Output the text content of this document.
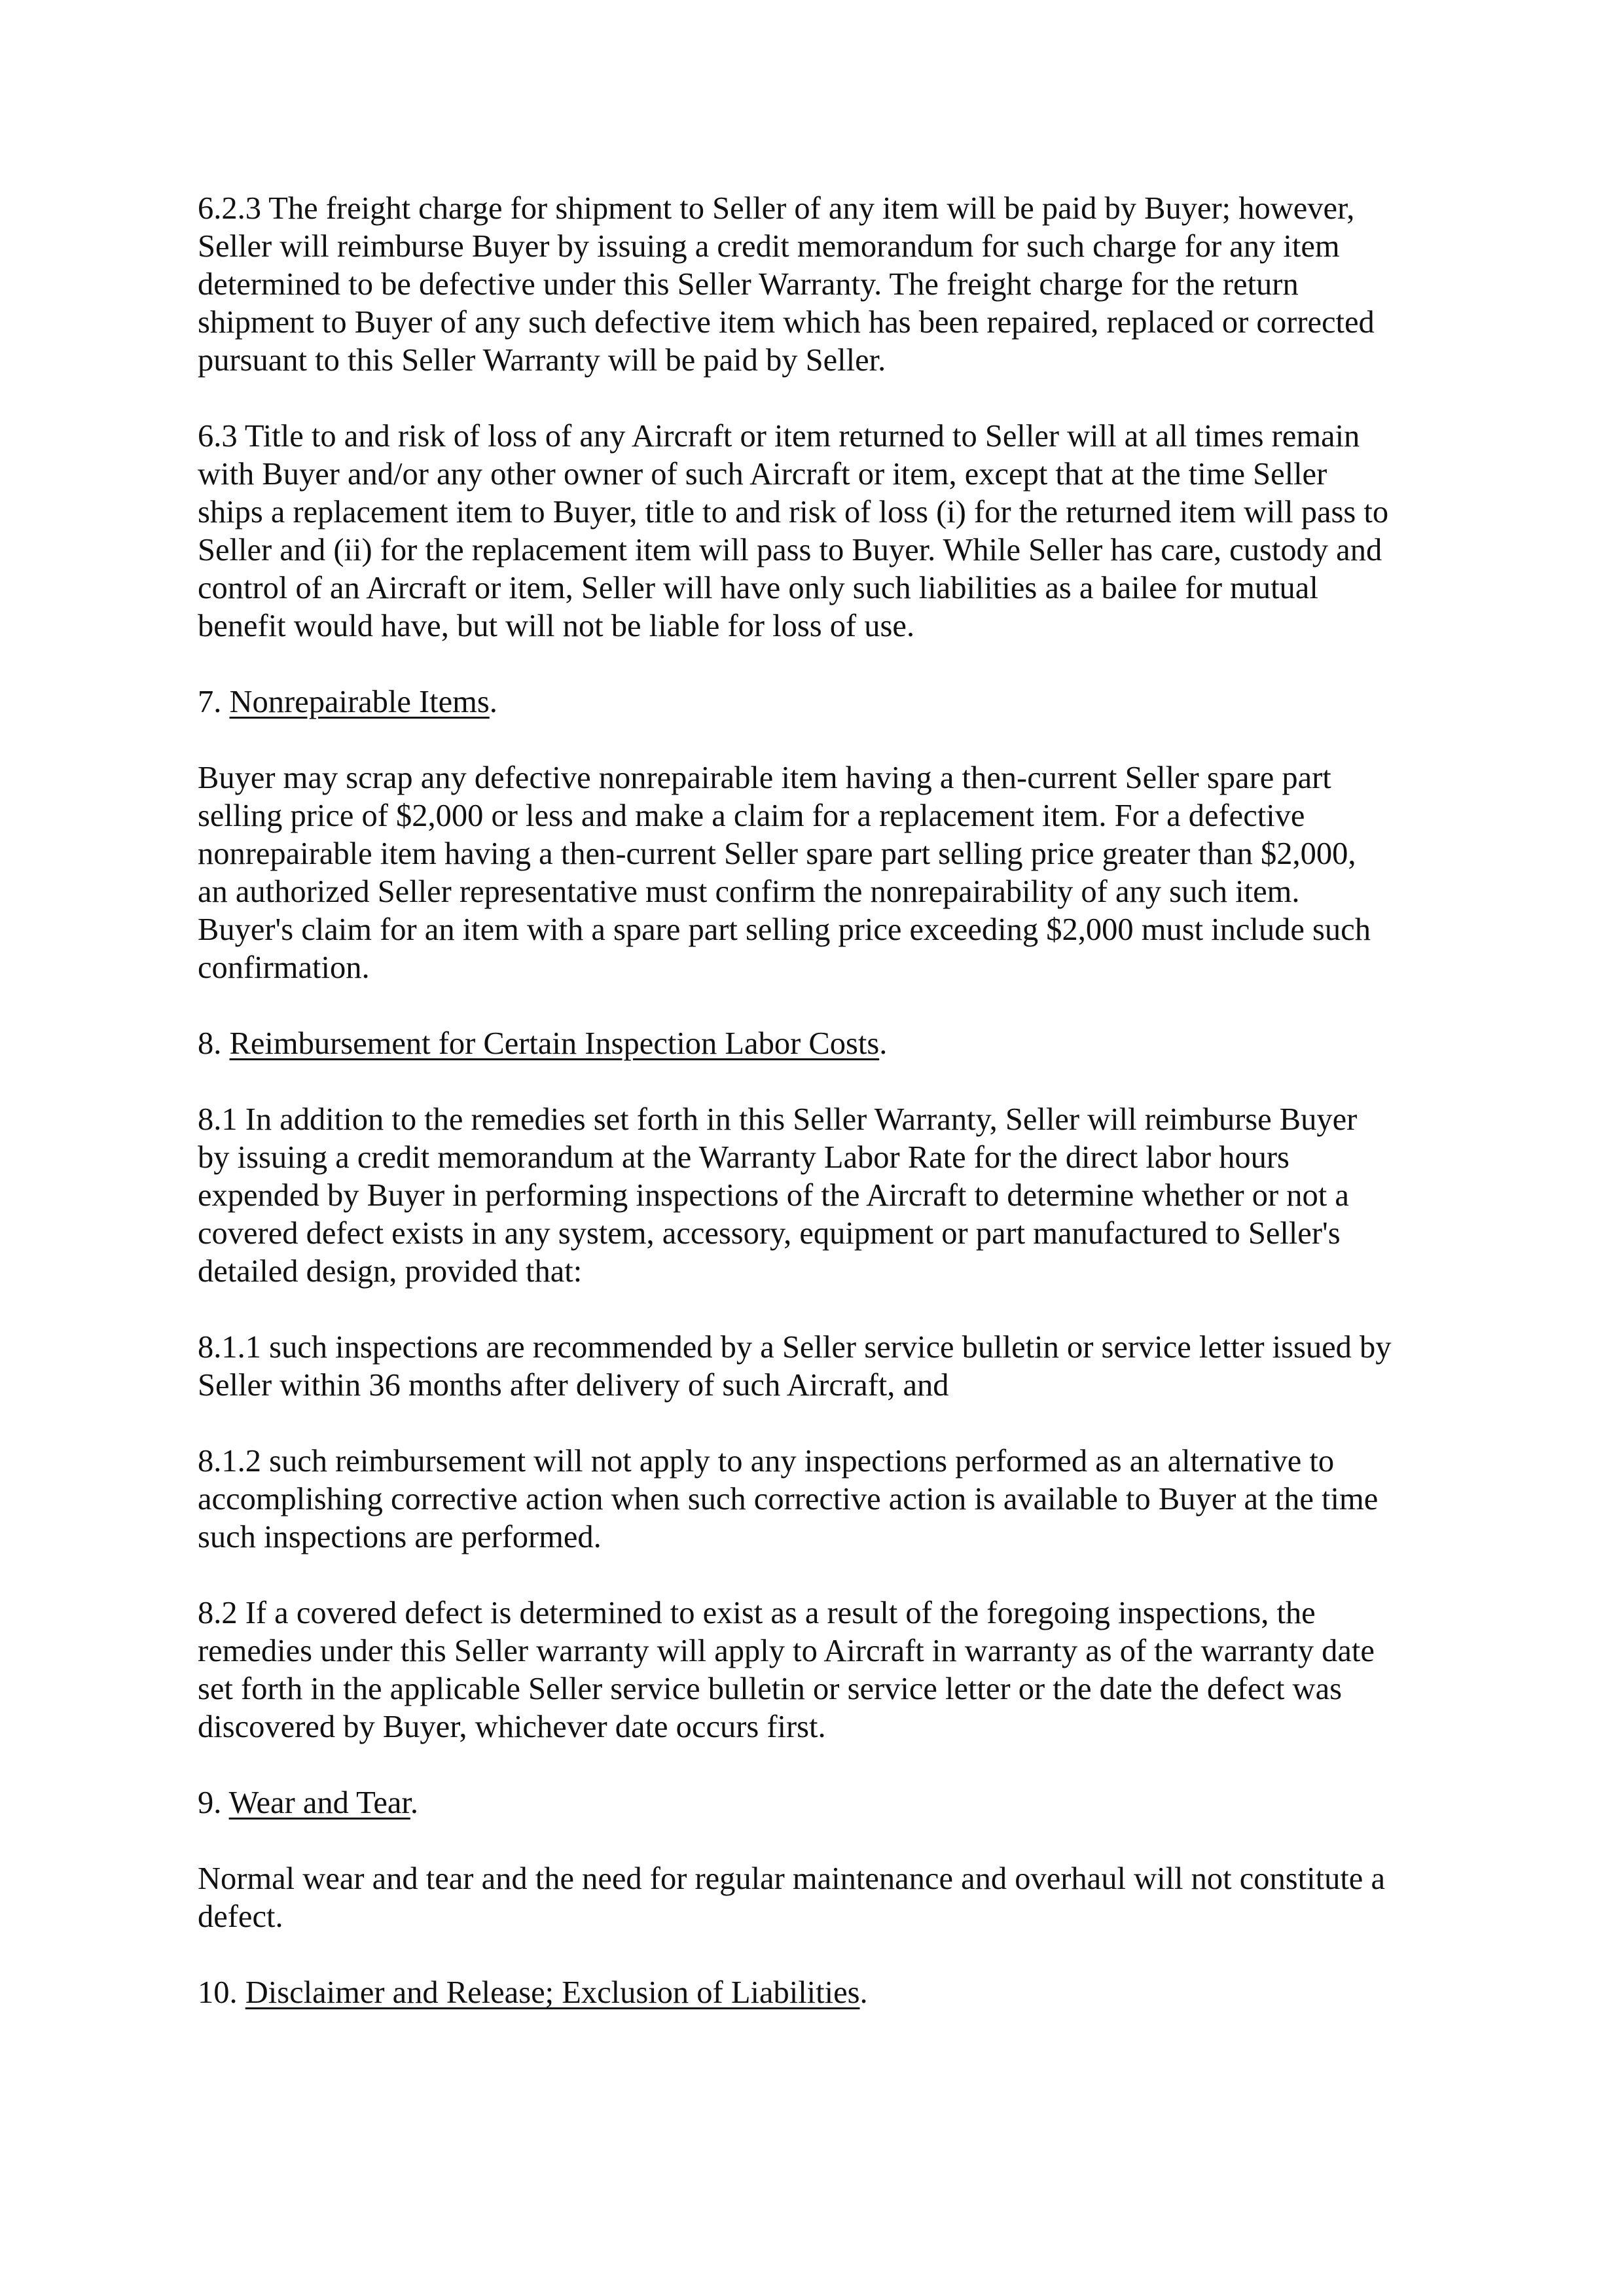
6.2.3 The freight charge for shipment to Seller of any item will be paid by Buyer; however,
Seller will reimburse Buyer by issuing a credit memorandum for such charge for any item
determined to be defective under this Seller Warranty. The freight charge for the return
shipment to Buyer of any such defective item which has been repaired, replaced or corrected
pursuant to this Seller Warranty will be paid by Seller.
6.3 Title to and risk of loss of any Aircraft or item returned to Seller will at all times remain
with Buyer and/or any other owner of such Aircraft or item, except that at the time Seller
ships a replacement item to Buyer, title to and risk of loss (i) for the returned item will pass to
Seller and (ii) for the replacement item will pass to Buyer. While Seller has care, custody and
control of an Aircraft or item, Seller will have only such liabilities as a bailee for mutual
benefit would have, but will not be liable for loss of use.
7. Nonrepairable Items.
Buyer may scrap any defective nonrepairable item having a then-current Seller spare part
selling price of $2,000 or less and make a claim for a replacement item. For a defective
nonrepairable item having a then-current Seller spare part selling price greater than $2,000,
an authorized Seller representative must confirm the nonrepairability of any such item.
Buyer's claim for an item with a spare part selling price exceeding $2,000 must include such
confirmation.
8. Reimbursement for Certain Inspection Labor Costs.
8.1 In addition to the remedies set forth in this Seller Warranty, Seller will reimburse Buyer
by issuing a credit memorandum at the Warranty Labor Rate for the direct labor hours
expended by Buyer in performing inspections of the Aircraft to determine whether or not a
covered defect exists in any system, accessory, equipment or part manufactured to Seller's
detailed design, provided that:
8.1.1 such inspections are recommended by a Seller service bulletin or service letter issued by
Seller within 36 months after delivery of such Aircraft, and
8.1.2 such reimbursement will not apply to any inspections performed as an alternative to
accomplishing corrective action when such corrective action is available to Buyer at the time
such inspections are performed.
8.2 If a covered defect is determined to exist as a result of the foregoing inspections, the
remedies under this Seller warranty will apply to Aircraft in warranty as of the warranty date
set forth in the applicable Seller service bulletin or service letter or the date the defect was
discovered by Buyer, whichever date occurs first.
9. Wear and Tear.
Normal wear and tear and the need for regular maintenance and overhaul will not constitute a
defect.
10. Disclaimer and Release; Exclusion of Liabilities.
